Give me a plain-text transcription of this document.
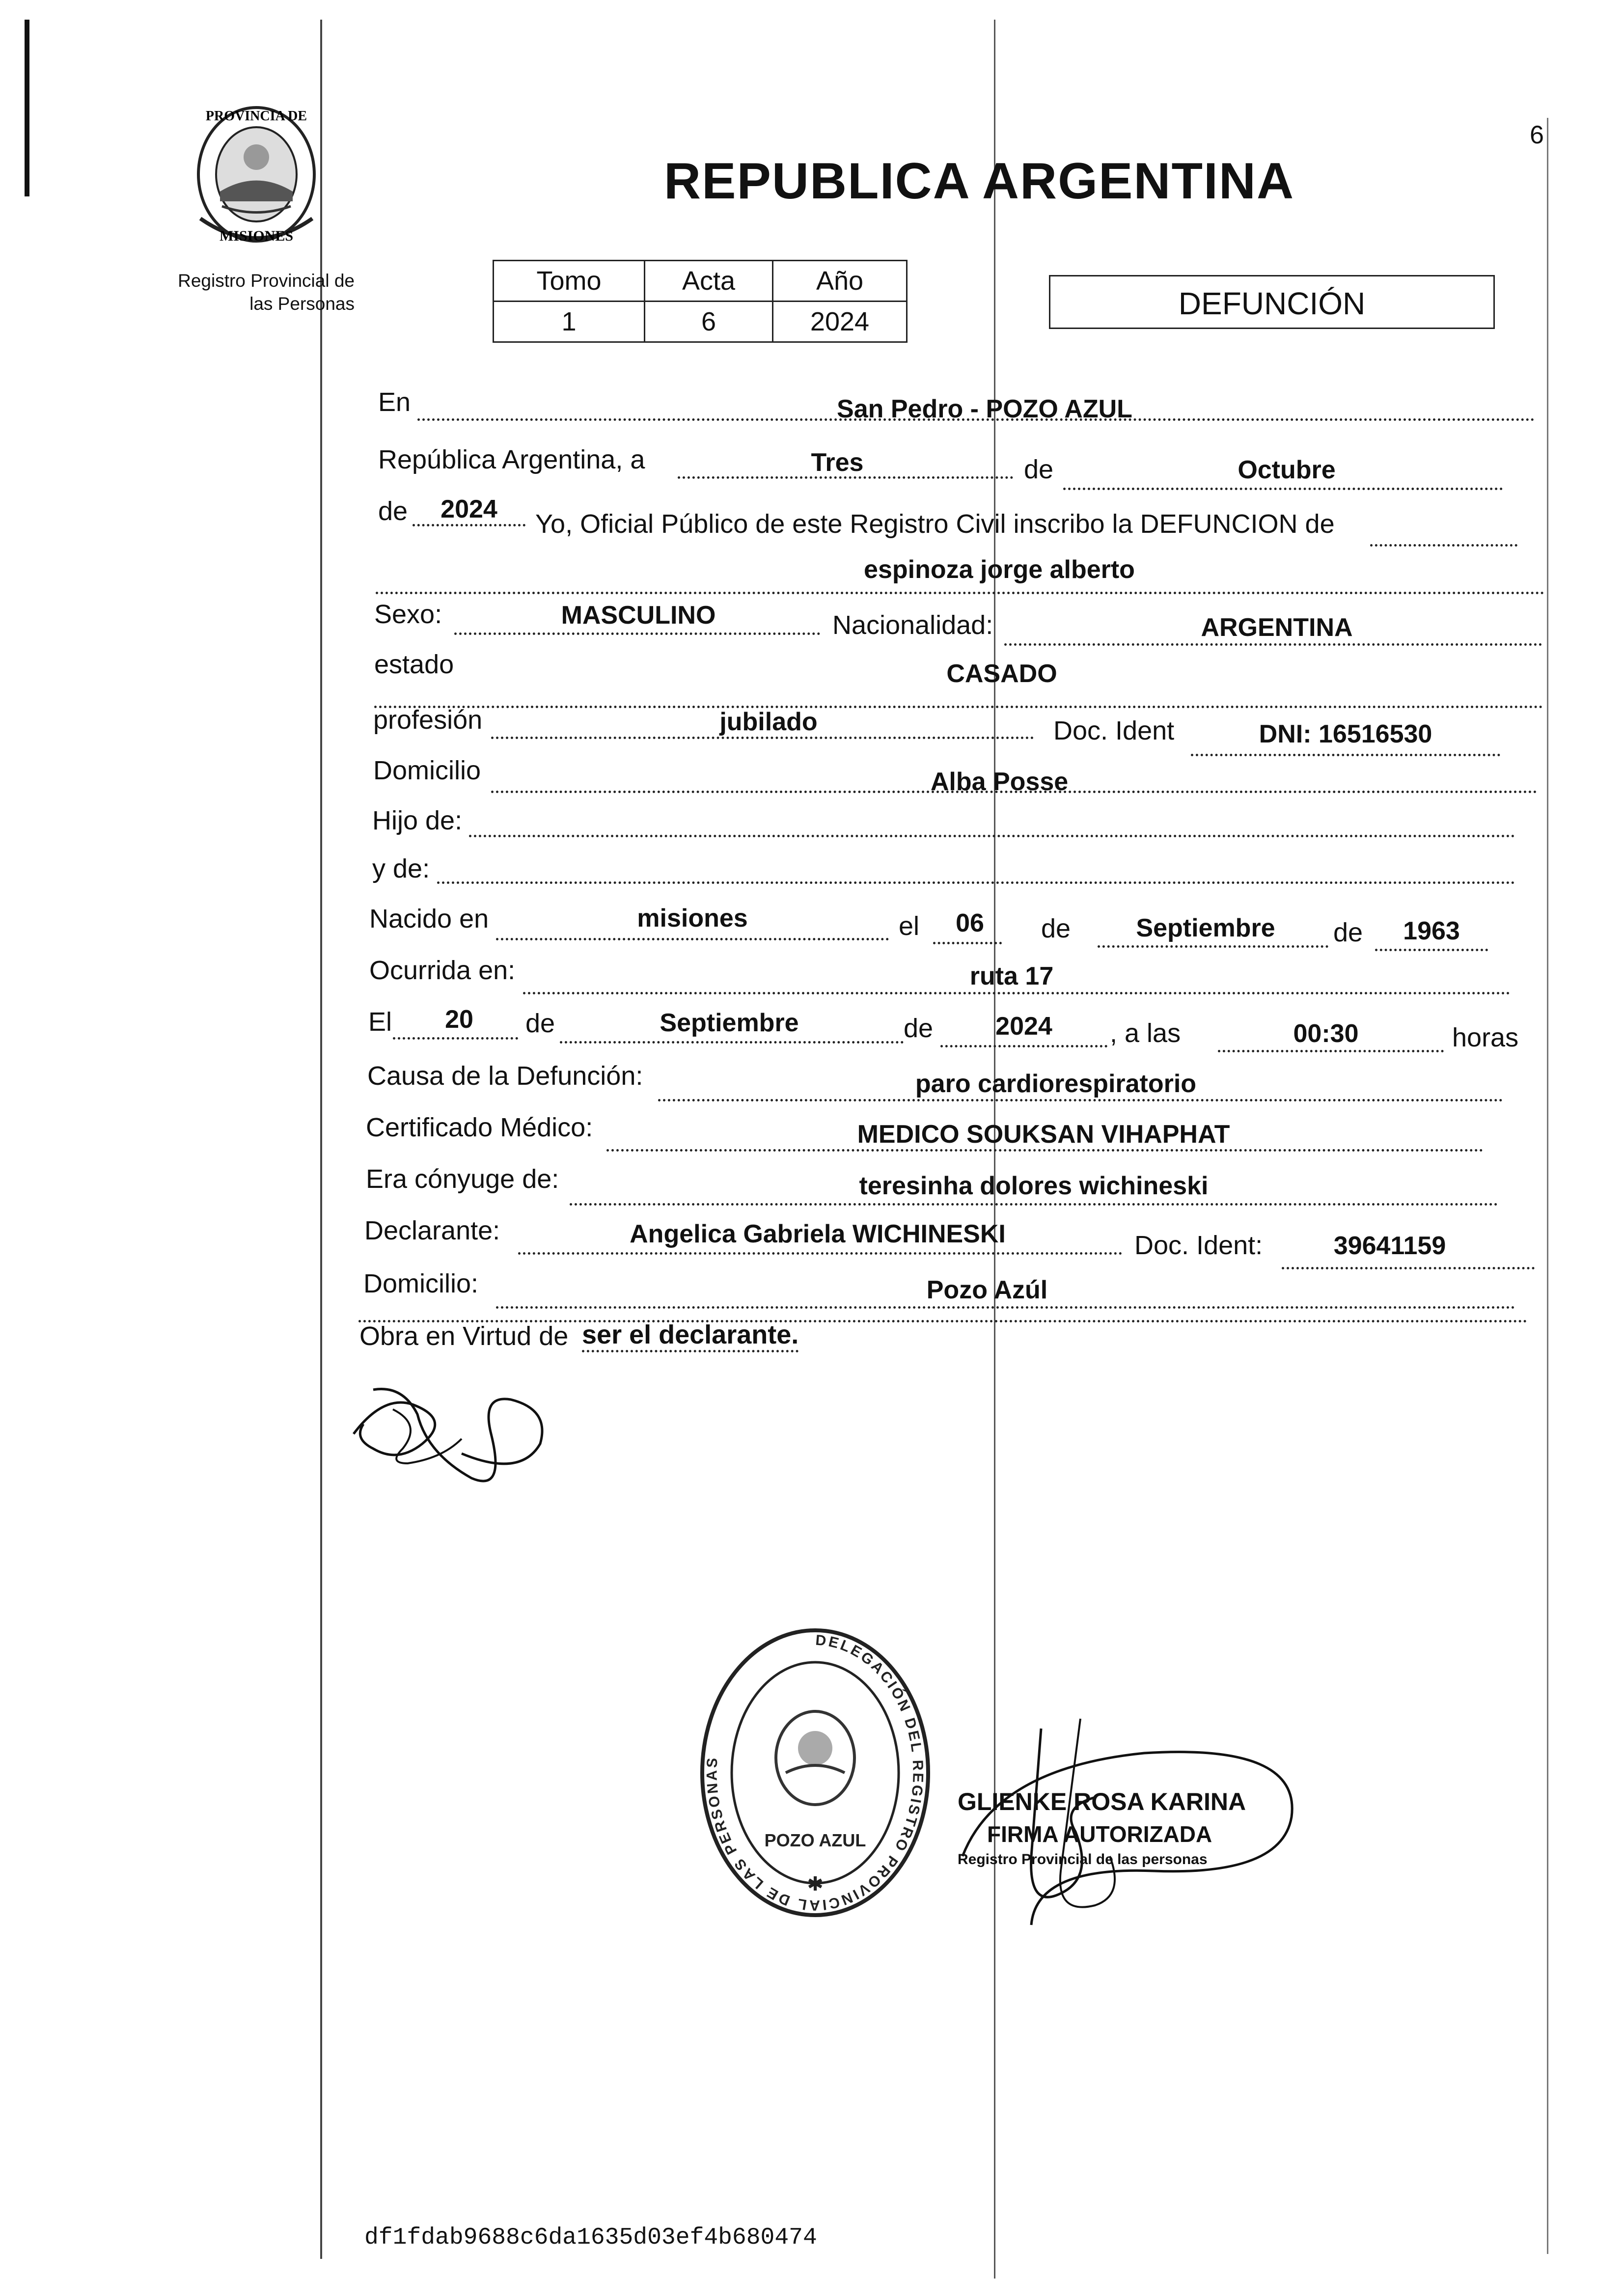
PROVINCIA DE
MISIONES
Registro Provincial de
las Personas
6
REPUBLICA ARGENTINA
Tomo	Acta	Año
1	6	2024
DEFUNCIÓN
En	San Pedro - POZO AZUL
República Argentina, a	Tres	de	Octubre
de 2024 Yo, Oficial Público de este Registro Civil inscribo la DEFUNCION de
espinoza jorge alberto
Sexo:	MASCULINO	Nacionalidad:	ARGENTINA
estado	CASADO
profesión	jubilado	Doc. Ident	DNI: 16516530
Domicilio	Alba Posse
Hijo de:
y de:
Nacido en	misiones	el 06 de	Septiembre de 1963
Ocurrida en:	ruta 17
El 20 de	Septiembre	de 2024 , a las	00:30	horas
Causa de la Defunción:	paro cardiorespiratorio
Certificado Médico:	MEDICO SOUKSAN VIHAPHAT
Era cónyuge de:	teresinha dolores wichineski
Declarante:	Angelica Gabriela WICHINESKI	Doc. Ident:	39641159
Domicilio:	Pozo Azúl
Obra en Virtud de ser el declarante.
DELEGACIÓN DEL REGISTRO PROVINCIAL DE LAS PERSONAS
POZO AZUL
✱
GLIENKE ROSA KARINA
FIRMA AUTORIZADA
Registro Provincial de las personas
df1fdab9688c6da1635d03ef4b680474
